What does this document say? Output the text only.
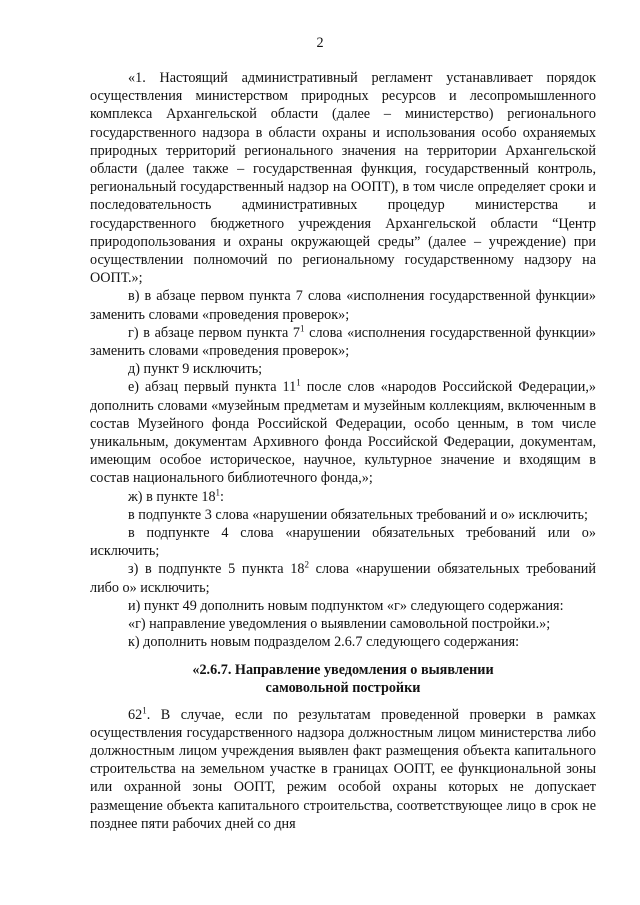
2

«1. Настоящий административный регламент устанавливает порядок осуществления министерством природных ресурсов и лесопромышленного комплекса Архангельской области (далее – министерство) регионального государственного надзора в области охраны и использования особо охраняемых природных территорий регионального значения на территории Архангельской области (далее также – государственная функция, государственный контроль, региональный государственный надзор на ООПТ), в том числе определяет сроки и последовательность административных процедур министерства и государственного бюджетного учреждения Архангельской области “Центр природопользования и охраны окружающей среды” (далее – учреждение) при осуществлении полномочий по региональному государственному надзору на ООПТ.»;

в) в абзаце первом пункта 7 слова «исполнения государственной функции» заменить словами «проведения проверок»;

г) в абзаце первом пункта $7^1$ слова «исполнения государственной функции» заменить словами «проведения проверок»;

д) пункт 9 исключить;

е) абзац первый пункта $11^1$ после слов «народов Российской Федерации,» дополнить словами «музейным предметам и музейным коллекциям, включенным в состав Музейного фонда Российской Федерации, особо ценным, в том числе уникальным, документам Архивного фонда Российской Федерации, документам, имеющим особое историческое, научное, культурное значение и входящим в состав национального библиотечного фонда,»;

ж) в пункте $18^1$:

в подпункте 3 слова «нарушении обязательных требований и о» исключить;

в подпункте 4 слова «нарушении обязательных требований или о» исключить;

з) в подпункте 5 пункта $18^2$ слова «нарушении обязательных требований либо о» исключить;

и) пункт 49 дополнить новым подпунктом «г» следующего содержания:

«г) направление уведомления о выявлении самовольной постройки.»;

к) дополнить новым подразделом 2.6.7 следующего содержания:

«2.6.7. Направление уведомления о выявлении
самовольной постройки

$62^1$. В случае, если по результатам проведенной проверки в рамках осуществления государственного надзора должностным лицом министерства либо должностным лицом учреждения выявлен факт размещения объекта капитального строительства на земельном участке в границах ООПТ, ее функциональной зоны или охранной зоны ООПТ, режим особой охраны которых не допускает размещение объекта капитального строительства, соответствующее лицо в срок не позднее пяти рабочих дней со дня
